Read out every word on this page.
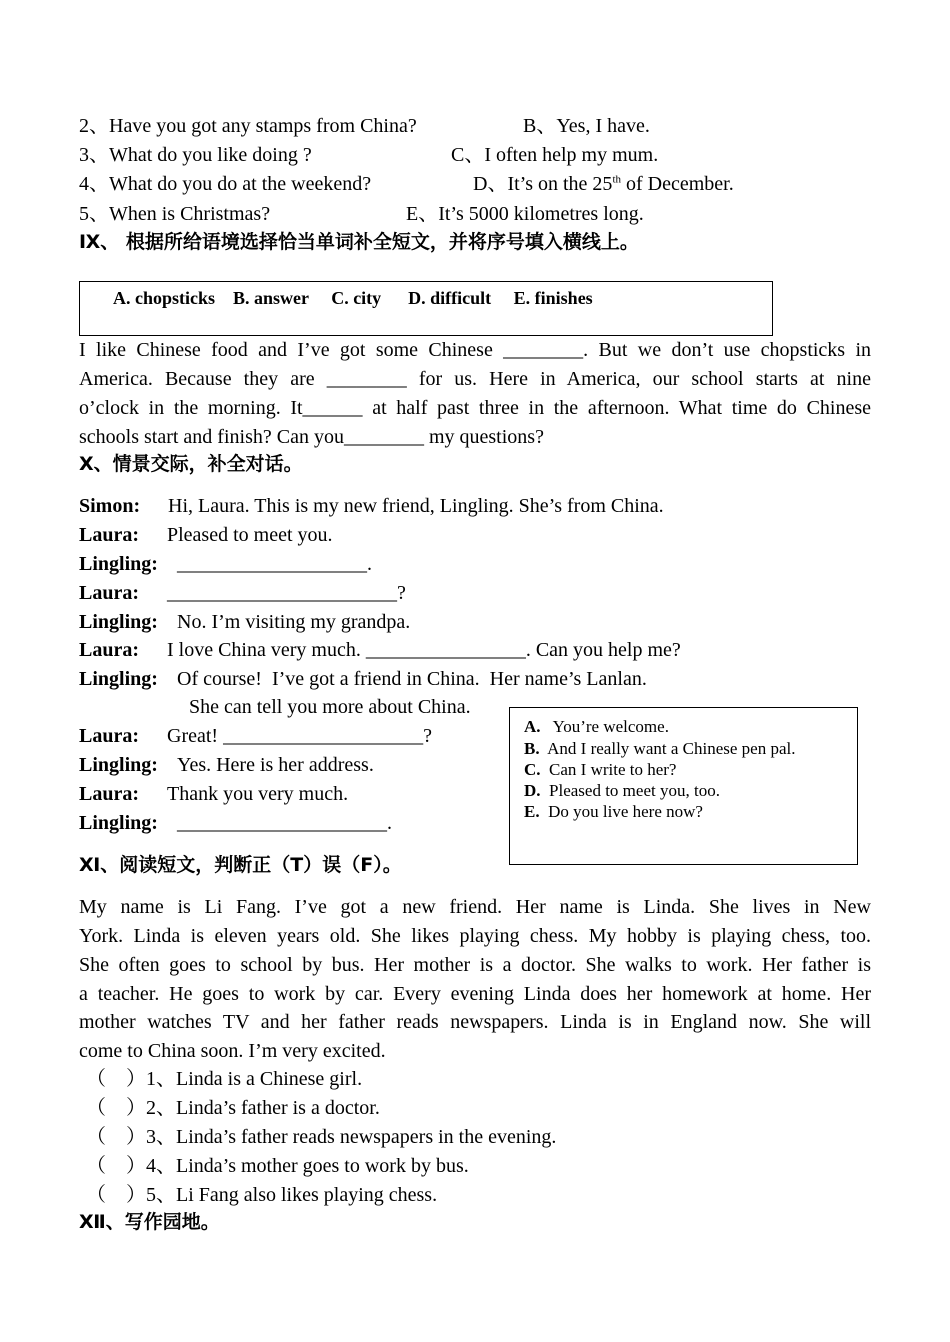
2、Have you got any stamps from China?	B、Yes, I have.
3、What do you like doing ?	C、I often help my mum.
4、What do you do at the weekend?	D、It’s on the 25th of December.
5、When is Christmas?	E、It’s 5000 kilometres long.
Ⅸ、 根据所给语境选择恰当单词补全短文，并将序号填入横线上。
A. chopsticks    B. answer     C. city      D. difficult     E. finishes
I like Chinese food and I’ve got some Chinese ________. But we don’t use chopsticks in
America. Because they are ________ for us. Here in America, our school starts at nine
o’clock in the morning. It______ at half past three in the afternoon. What time do Chinese
schools start and finish? Can you________ my questions?
Ⅹ、情景交际，补全对话。
Simon: Hi, Laura. This is my new friend, Lingling. She’s from China.
Laura: Pleased to meet you.
Lingling: ___________________.
Laura: _______________________?
Lingling: No. I’m visiting my grandpa.
Laura: I love China very much. ________________. Can you help me?
Lingling: Of course!  I’ve got a friend in China.  Her name’s Lanlan.
She can tell you more about China.
Laura: Great! ____________________?
Lingling: Yes. Here is her address.
Laura: Thank you very much.
Lingling: _____________________.
A.   You’re welcome.
B.  And I really want a Chinese pen pal.
C.  Can I write to her?
D.  Pleased to meet you, too.
E.  Do you live here now?
Ⅺ、阅读短文，判断正（T）误（F）。
My name is Li Fang. I’ve got a new friend. Her name is Linda. She lives in New
York. Linda is eleven years old. She likes playing chess. My hobby is playing chess, too.
She often goes to school by bus. Her mother is a doctor. She walks to work. Her father is
a teacher. He goes to work by car. Every evening Linda does her homework at home. Her
mother watches TV and her father reads newspapers. Linda is in England now. She will
come to China soon. I’m very excited.
（    ）1、Linda is a Chinese girl.
（    ）2、Linda’s father is a doctor.
（    ）3、Linda’s father reads newspapers in the evening.
（    ）4、Linda’s mother goes to work by bus.
（    ）5、Li Fang also likes playing chess.
Ⅻ、写作园地。
